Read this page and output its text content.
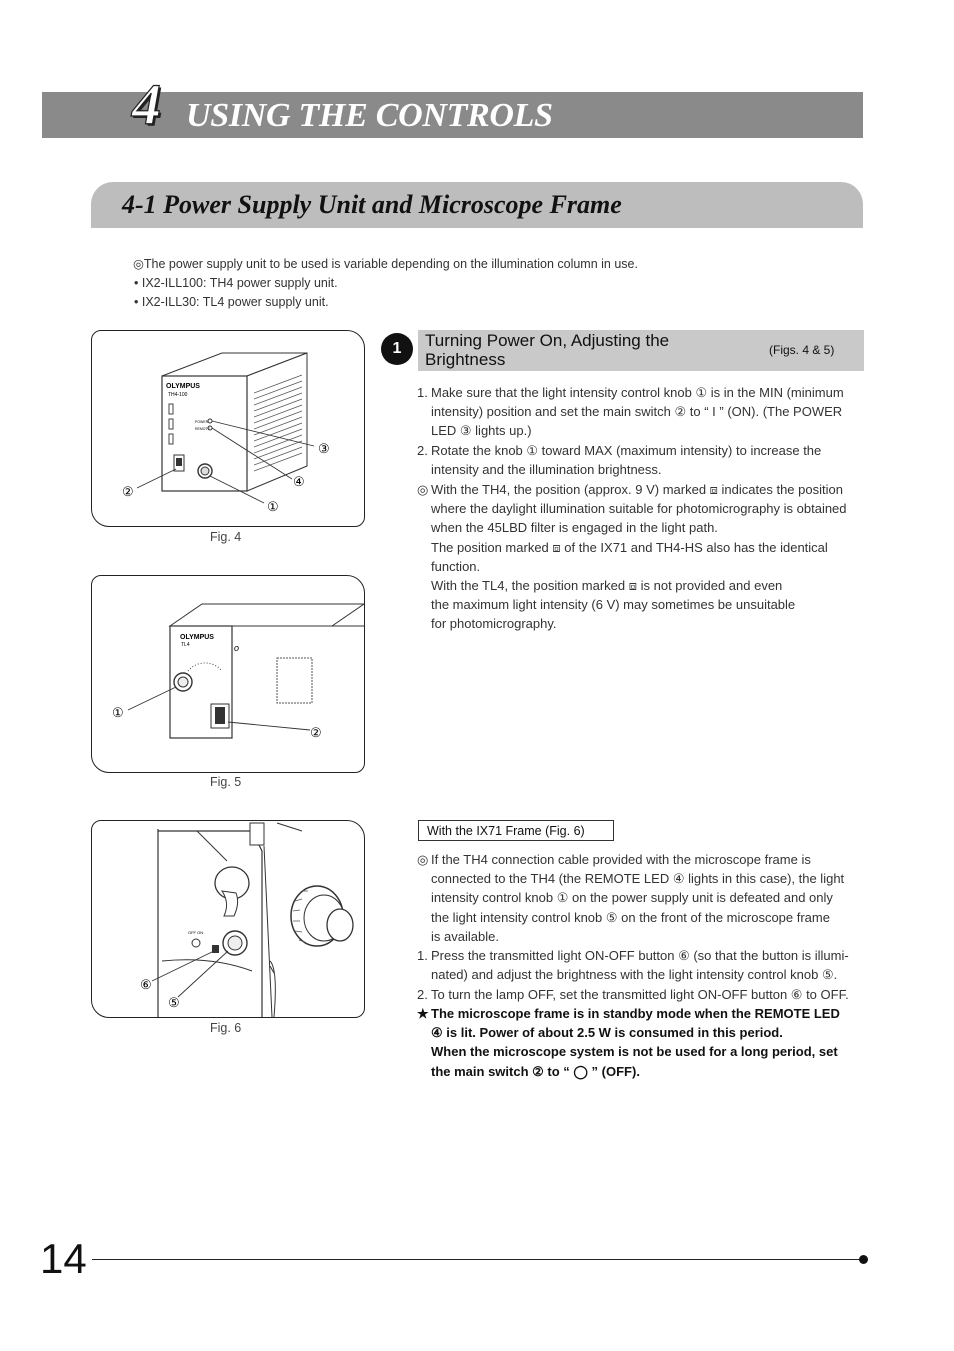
4 USING THE CONTROLS
4-1 Power Supply Unit and Microscope Frame
◎The power supply unit to be used is variable depending on the illumination column in use.
• IX2-ILL100: TH4 power supply unit.
• IX2-ILL30: TL4 power supply unit.
OLYMPUS
TH4-100
POWER
REMOTE
③
④
①
②
Fig. 4
o
OLYMPUS
TL4
①
②
Fig. 5
OFF ON
⑥
⑤
Fig. 6
1	Turning Power On, Adjusting the
Brightness	(Figs. 4 & 5)
1. Make sure that the light intensity control knob ① is in the MIN (minimum
intensity) position and set the main switch ② to “ I ” (ON). (The POWER
LED ③ lights up.)
2. Rotate the knob ① toward MAX (maximum intensity) to increase the
intensity and the illumination brightness.
◎ With the TH4, the position (approx. 9 V) marked ⧈ indicates the position
where the daylight illumination suitable for photomicrography is obtained
when the 45LBD filter is engaged in the light path.
The position marked ⧈ of the IX71 and TH4-HS also has the identical
function.
With the TL4, the position marked ⧈ is not provided and even
the maximum light intensity (6 V) may sometimes be unsuitable
for photomicrography.
With the IX71 Frame (Fig. 6)
◎ If the TH4 connection cable provided with the microscope frame is
connected to the TH4 (the REMOTE LED ④ lights in this case), the light
intensity control knob ① on the power supply unit is defeated and only
the light intensity control knob ⑤ on the front of the microscope frame
is available.
1. Press the transmitted light ON-OFF button ⑥ (so that the button is illumi-
nated) and adjust the brightness with the light intensity control knob ⑤.
2. To turn the lamp OFF, set the transmitted light ON-OFF button ⑥ to OFF.
★ The microscope frame is in standby mode when the REMOTE LED
④ is lit. Power of about 2.5 W is consumed in this period.
When the microscope system is not be used for a long period, set
the main switch ② to “ ◯ ” (OFF).
14
